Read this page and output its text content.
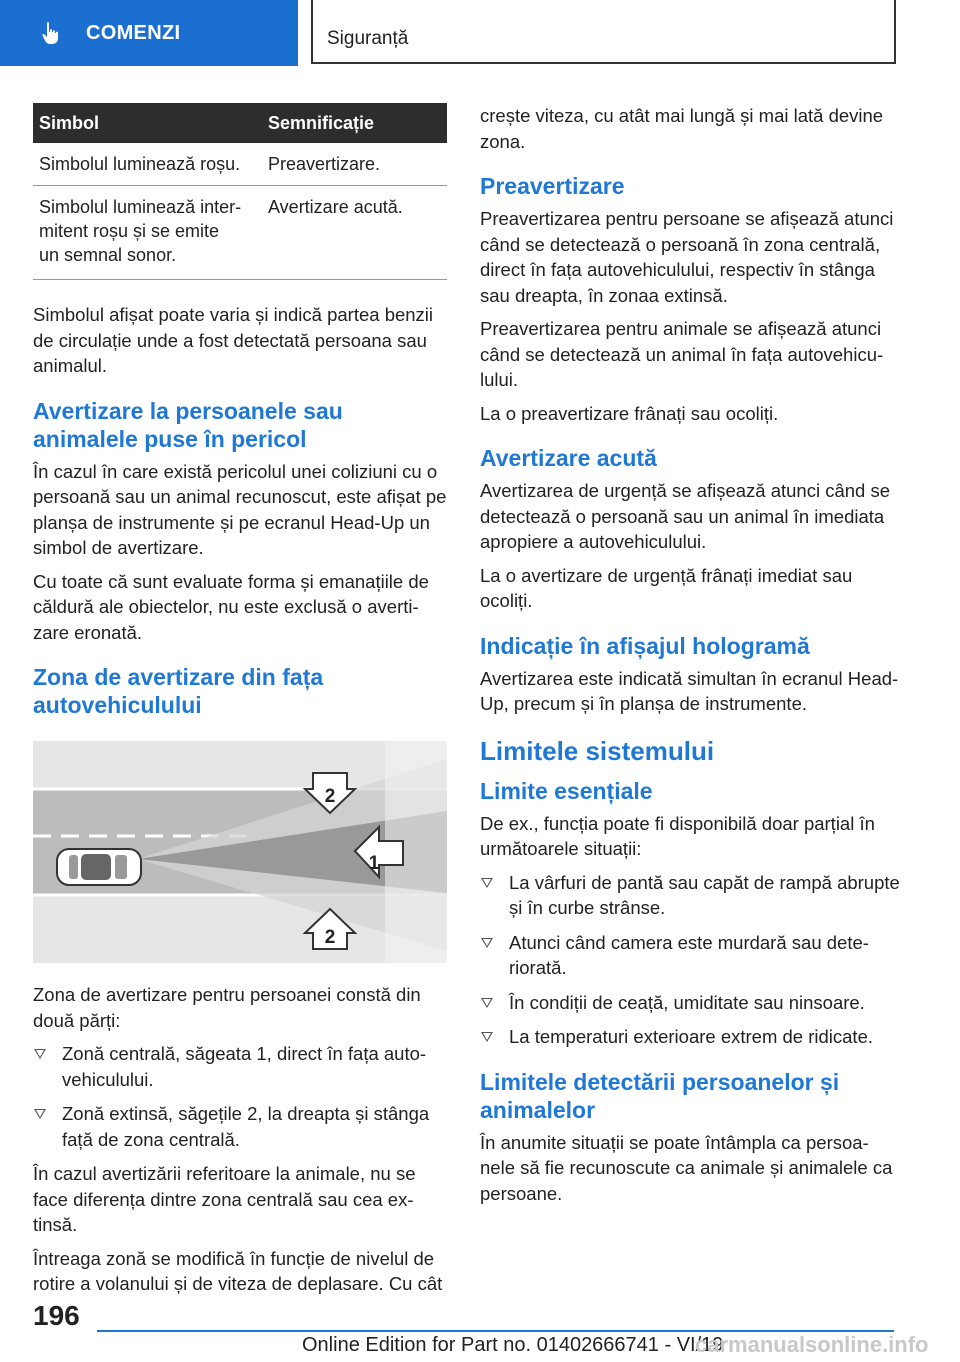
COMENZI	Siguranță
Simbol	Semnificație
Simbolul luminează roșu.	Preavertizare.
Simbolul luminează inter-
mitent roșu și se emite
un semnal sonor.	Avertizare acută.

Simbolul afișat poate varia și indică partea benzii de circulație unde a fost detectată persoana sau animalul.

Avertizare la persoanele sau animalele puse în pericol

În cazul în care există pericolul unei coliziuni cu o persoană sau un animal recunoscut, este afișat pe planșa de instrumente și pe ecranul Head-Up un simbol de avertizare.

Cu toate că sunt evaluate forma și emanațiile de căldură ale obiectelor, nu este exclusă o averti-zare eronată.

Zona de avertizare din fața autovehiculului
2
1
2

Zona de avertizare pentru persoanei constă din două părți:

Zonă centrală, săgeata 1, direct în fața auto-vehiculului.
Zonă extinsă, săgețile 2, la dreapta și stânga față de zona centrală.

În cazul avertizării referitoare la animale, nu se face diferența dintre zona centrală sau cea ex-tinsă.

Întreaga zonă se modifică în funcție de nivelul de rotire a volanului și de viteza de deplasare. Cu cât

crește viteza, cu atât mai lungă și mai lată devine zona.

Preavertizare

Preavertizarea pentru persoane se afișează atunci când se detectează o persoană în zona centrală, direct în fața autovehiculului, respectiv în stânga sau dreapta, în zonaa extinsă.

Preavertizarea pentru animale se afișează atunci când se detectează un animal în fața autovehicu-lului.

La o preavertizare frânați sau ocoliți.

Avertizare acută

Avertizarea de urgență se afișează atunci când se detectează o persoană sau un animal în imediata apropiere a autovehiculului.

La o avertizare de urgență frânați imediat sau ocoliți.

Indicație în afișajul hologramă

Avertizarea este indicată simultan în ecranul Head-Up, precum și în planșa de instrumente.

Limitele sistemului
Limite esențiale

De ex., funcția poate fi disponibilă doar parțial în următoarele situații:

La vârfuri de pantă sau capăt de rampă abrupte și în curbe strânse.
Atunci când camera este murdară sau dete-riorată.
În condiții de ceață, umiditate sau ninsoare.
La temperaturi exterioare extrem de ridicate.
Limitele detectării persoanelor și animalelor

În anumite situații se poate întâmpla ca persoa-nele să fie recunoscute ca animale și animalele ca persoane.

196
Online Edition for Part no. 01402666741 - VI/19
carmanualsonline.info
